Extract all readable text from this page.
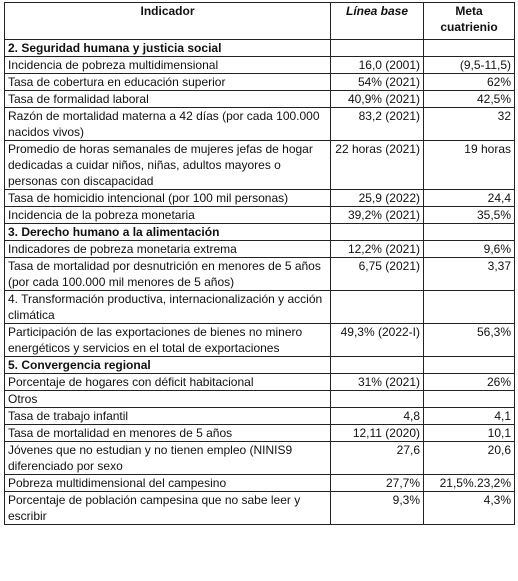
Indicador	Línea base	Meta cuatrienio
2. Seguridad humana y justicia social		
Incidencia de pobreza multidimensional	16,0 (2001)	(9,5-11,5)
Tasa de cobertura en educación superior	54% (2021)	62%
Tasa de formalidad laboral	40,9% (2021)	42,5%
Razón de mortalidad materna a 42 días (por cada 100.000 nacidos vivos)	83,2 (2021)	32
Promedio de horas semanales de mujeres jefas de hogar dedicadas a cuidar niños, niñas, adultos mayores o personas con discapacidad	22 horas (2021)	19 horas
Tasa de homicidio intencional (por 100 mil personas)	25,9 (2022)	24,4
Incidencia de la pobreza monetaria	39,2% (2021)	35,5%
3. Derecho humano a la alimentación		
Indicadores de pobreza monetaria extrema	12,2% (2021)	9,6%
Tasa de mortalidad por desnutrición en menores de 5 años (por cada 100.000 mil menores de 5 años)	6,75 (2021)	3,37
4. Transformación productiva, internacionalización y acción climática		
Participación de las exportaciones de bienes no minero energéticos y servicios en el total de exportaciones	49,3% (2022-I)	56,3%
5. Convergencia regional		
Porcentaje de hogares con déficit habitacional	31% (2021)	26%
Otros		
Tasa de trabajo infantil	4,8	4,1
Tasa de mortalidad en menores de 5 años	12,11 (2020)	10,1
Jóvenes que no estudian y no tienen empleo (NINIS9 diferenciado por sexo	27,6	20,6
Pobreza multidimensional del campesino	27,7%	21,5%.23,2%
Porcentaje de población campesina que no sabe leer y escribir	9,3%	4,3%
